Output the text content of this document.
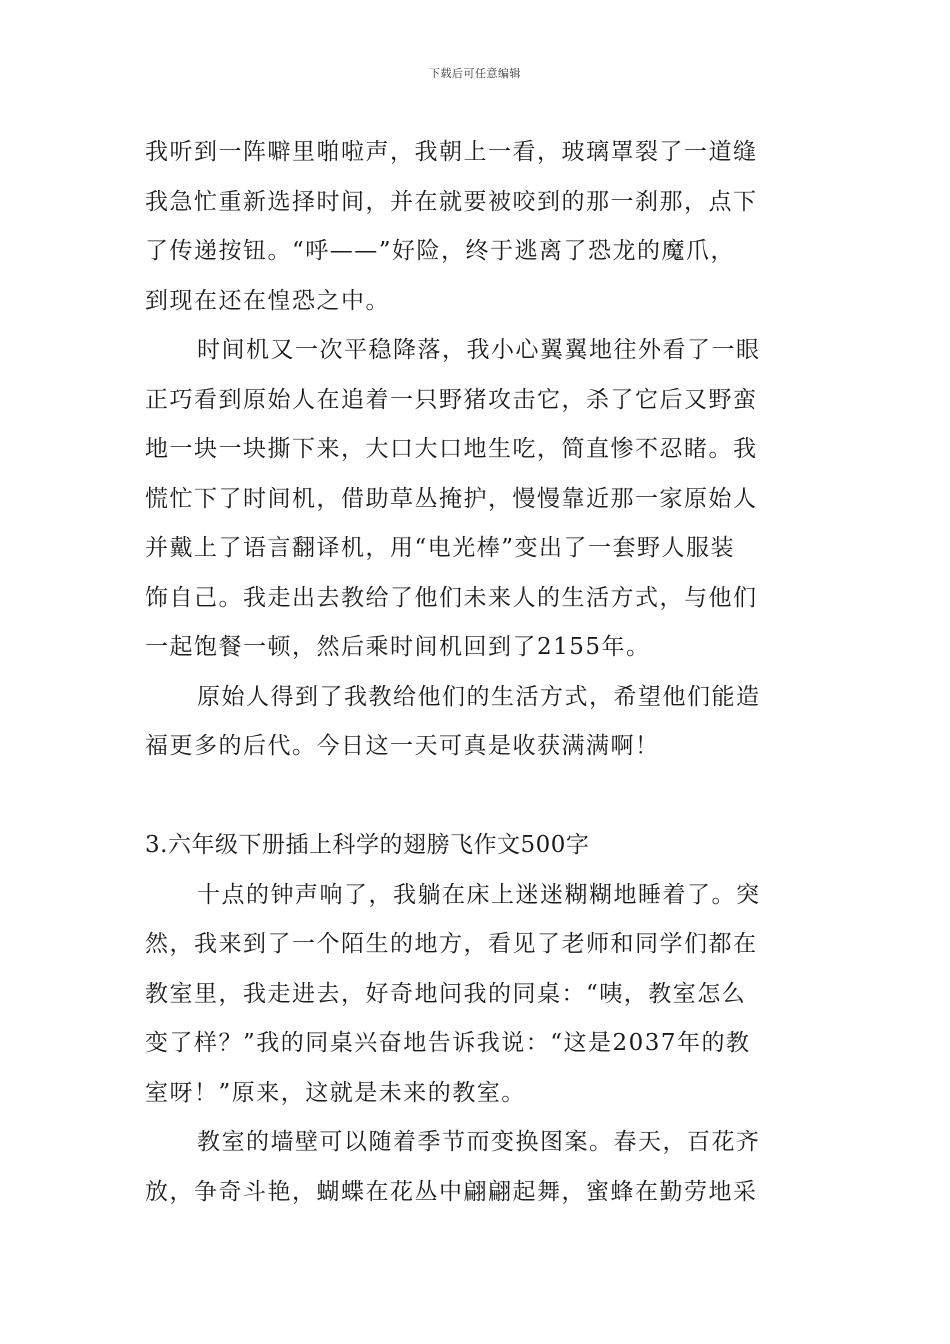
下载后可任意编辑
我听到一阵噼里啪啦声，我朝上一看，玻璃罩裂了一道缝
我急忙重新选择时间，并在就要被咬到的那一刹那，点下
了传递按钮。“呼——”好险，终于逃离了恐龙的魔爪，
到现在还在惶恐之中。
时间机又一次平稳降落，我小心翼翼地往外看了一眼
正巧看到原始人在追着一只野猪攻击它，杀了它后又野蛮
地一块一块撕下来，大口大口地生吃，简直惨不忍睹。我
慌忙下了时间机，借助草丛掩护，慢慢靠近那一家原始人
并戴上了语言翻译机，用“电光棒”变出了一套野人服装
饰自己。我走出去教给了他们未来人的生活方式，与他们
一起饱餐一顿，然后乘时间机回到了2155年。
原始人得到了我教给他们的生活方式，希望他们能造
福更多的后代。今日这一天可真是收获满满啊！
3.六年级下册插上科学的翅膀飞作文500字
十点的钟声响了，我躺在床上迷迷糊糊地睡着了。突
然，我来到了一个陌生的地方，看见了老师和同学们都在
教室里，我走进去，好奇地问我的同桌：“咦，教室怎么
变了样？”我的同桌兴奋地告诉我说：“这是2037年的教
室呀！”原来，这就是未来的教室。
教室的墙壁可以随着季节而变换图案。春天，百花齐
放，争奇斗艳，蝴蝶在花丛中翩翩起舞，蜜蜂在勤劳地采
